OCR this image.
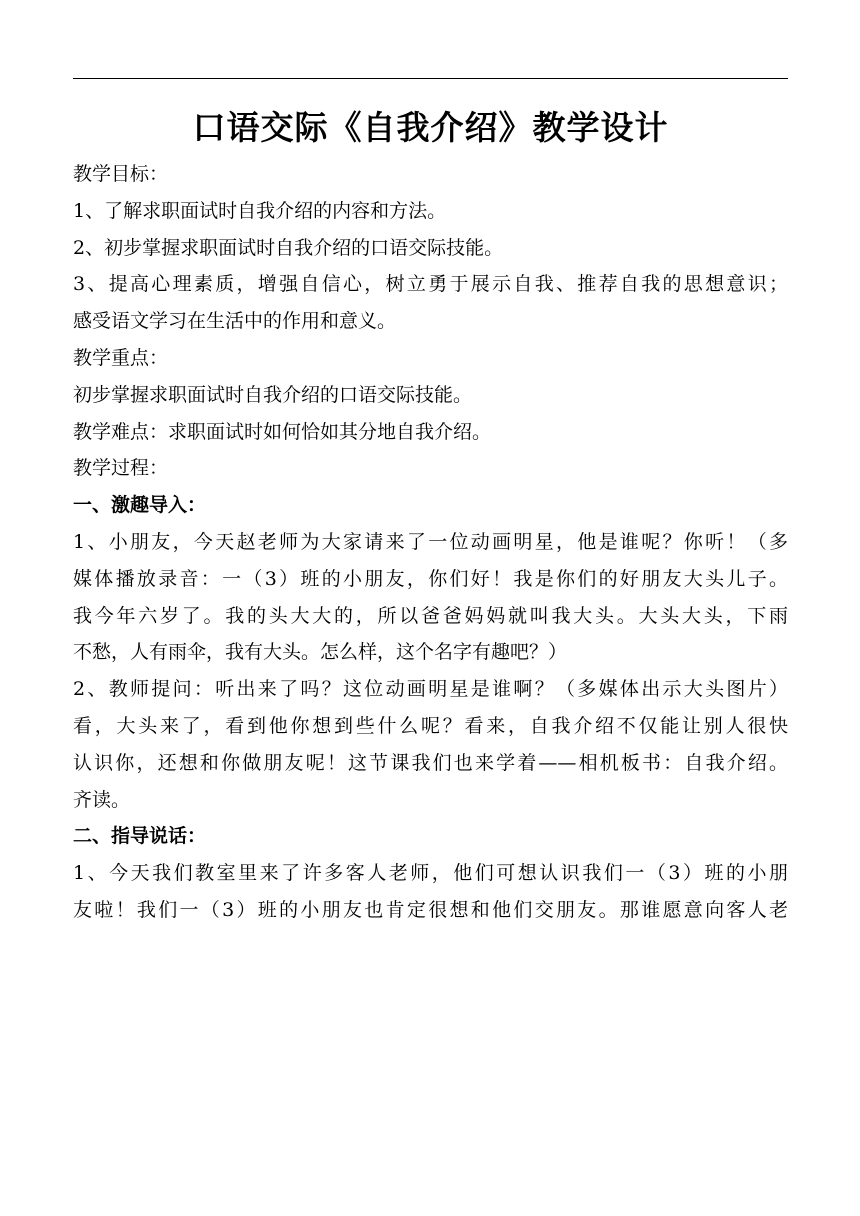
口语交际《自我介绍》教学设计

教学目标：

1、了解求职面试时自我介绍的内容和方法。

2、初步掌握求职面试时自我介绍的口语交际技能。

3、提高心理素质，增强自信心，树立勇于展示自我、推荐自我的思想意识；

感受语文学习在生活中的作用和意义。

教学重点：

初步掌握求职面试时自我介绍的口语交际技能。

教学难点：求职面试时如何恰如其分地自我介绍。

教学过程：

一、激趣导入：

1、小朋友，今天赵老师为大家请来了一位动画明星，他是谁呢？你听！（多

媒体播放录音：一（3）班的小朋友，你们好！我是你们的好朋友大头儿子。

我今年六岁了。我的头大大的，所以爸爸妈妈就叫我大头。大头大头，下雨

不愁，人有雨伞，我有大头。怎么样，这个名字有趣吧？）

2、教师提问：听出来了吗？这位动画明星是谁啊？（多媒体出示大头图片）

看，大头来了，看到他你想到些什么呢？看来，自我介绍不仅能让别人很快

认识你，还想和你做朋友呢！这节课我们也来学着——相机板书：自我介绍。

齐读。

二、指导说话：

1、今天我们教室里来了许多客人老师，他们可想认识我们一（3）班的小朋

友啦！我们一（3）班的小朋友也肯定很想和他们交朋友。那谁愿意向客人老
